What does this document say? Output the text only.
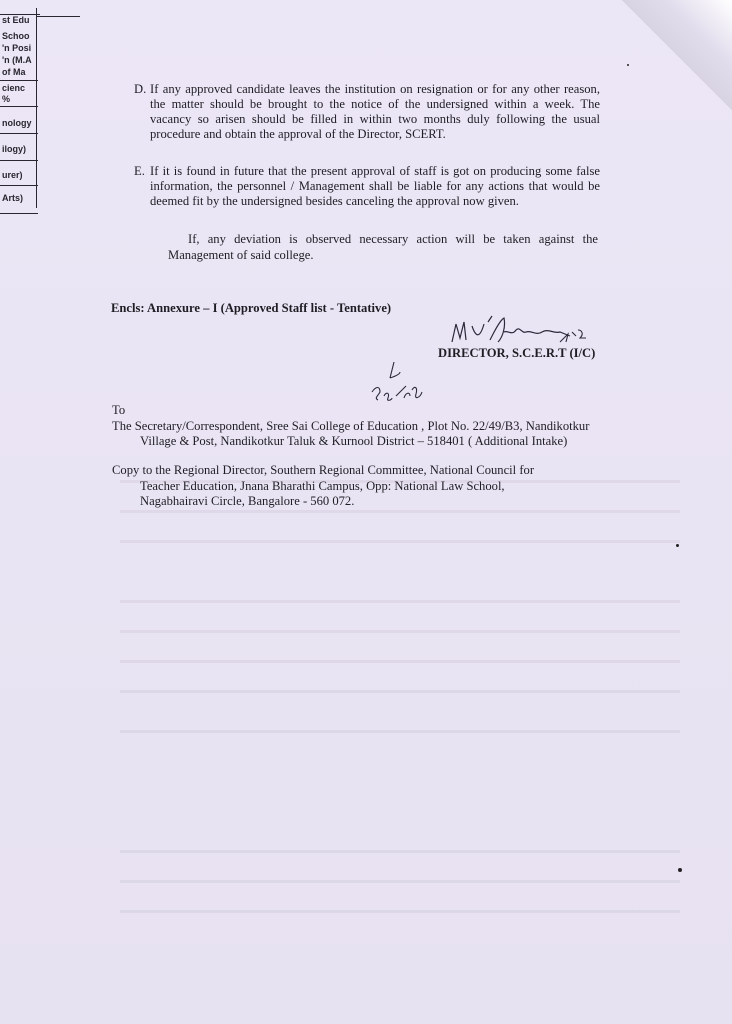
st Edu
Schoo
'n Posi
'n (M.A
of Ma
cienc
%
nology
ilogy)
urer)
Arts)
D. If any approved candidate leaves the institution on resignation or for any other reason, the matter should be brought to the notice of the undersigned within a week. The vacancy so arisen should be filled in within two months duly following the usual procedure and obtain the approval of the Director, SCERT.
E. If it is found in future that the present approval of staff is got on producing some false information, the personnel / Management shall be liable for any actions that would be deemed fit by the undersigned besides canceling the approval now given.
If, any deviation is observed necessary action will be taken against the Management of said college.
Encls: Annexure – I (Approved Staff list - Tentative)
DIRECTOR, S.C.E.R.T (I/C)
To
The Secretary/Correspondent, Sree Sai College of Education , Plot No. 22/49/B3, Nandikotkur
Village & Post, Nandikotkur Taluk & Kurnool District – 518401 ( Additional Intake)
Copy to the Regional Director, Southern Regional Committee, National Council for
Teacher Education, Jnana Bharathi Campus, Opp: National Law School,
Nagabhairavi Circle, Bangalore - 560 072.
